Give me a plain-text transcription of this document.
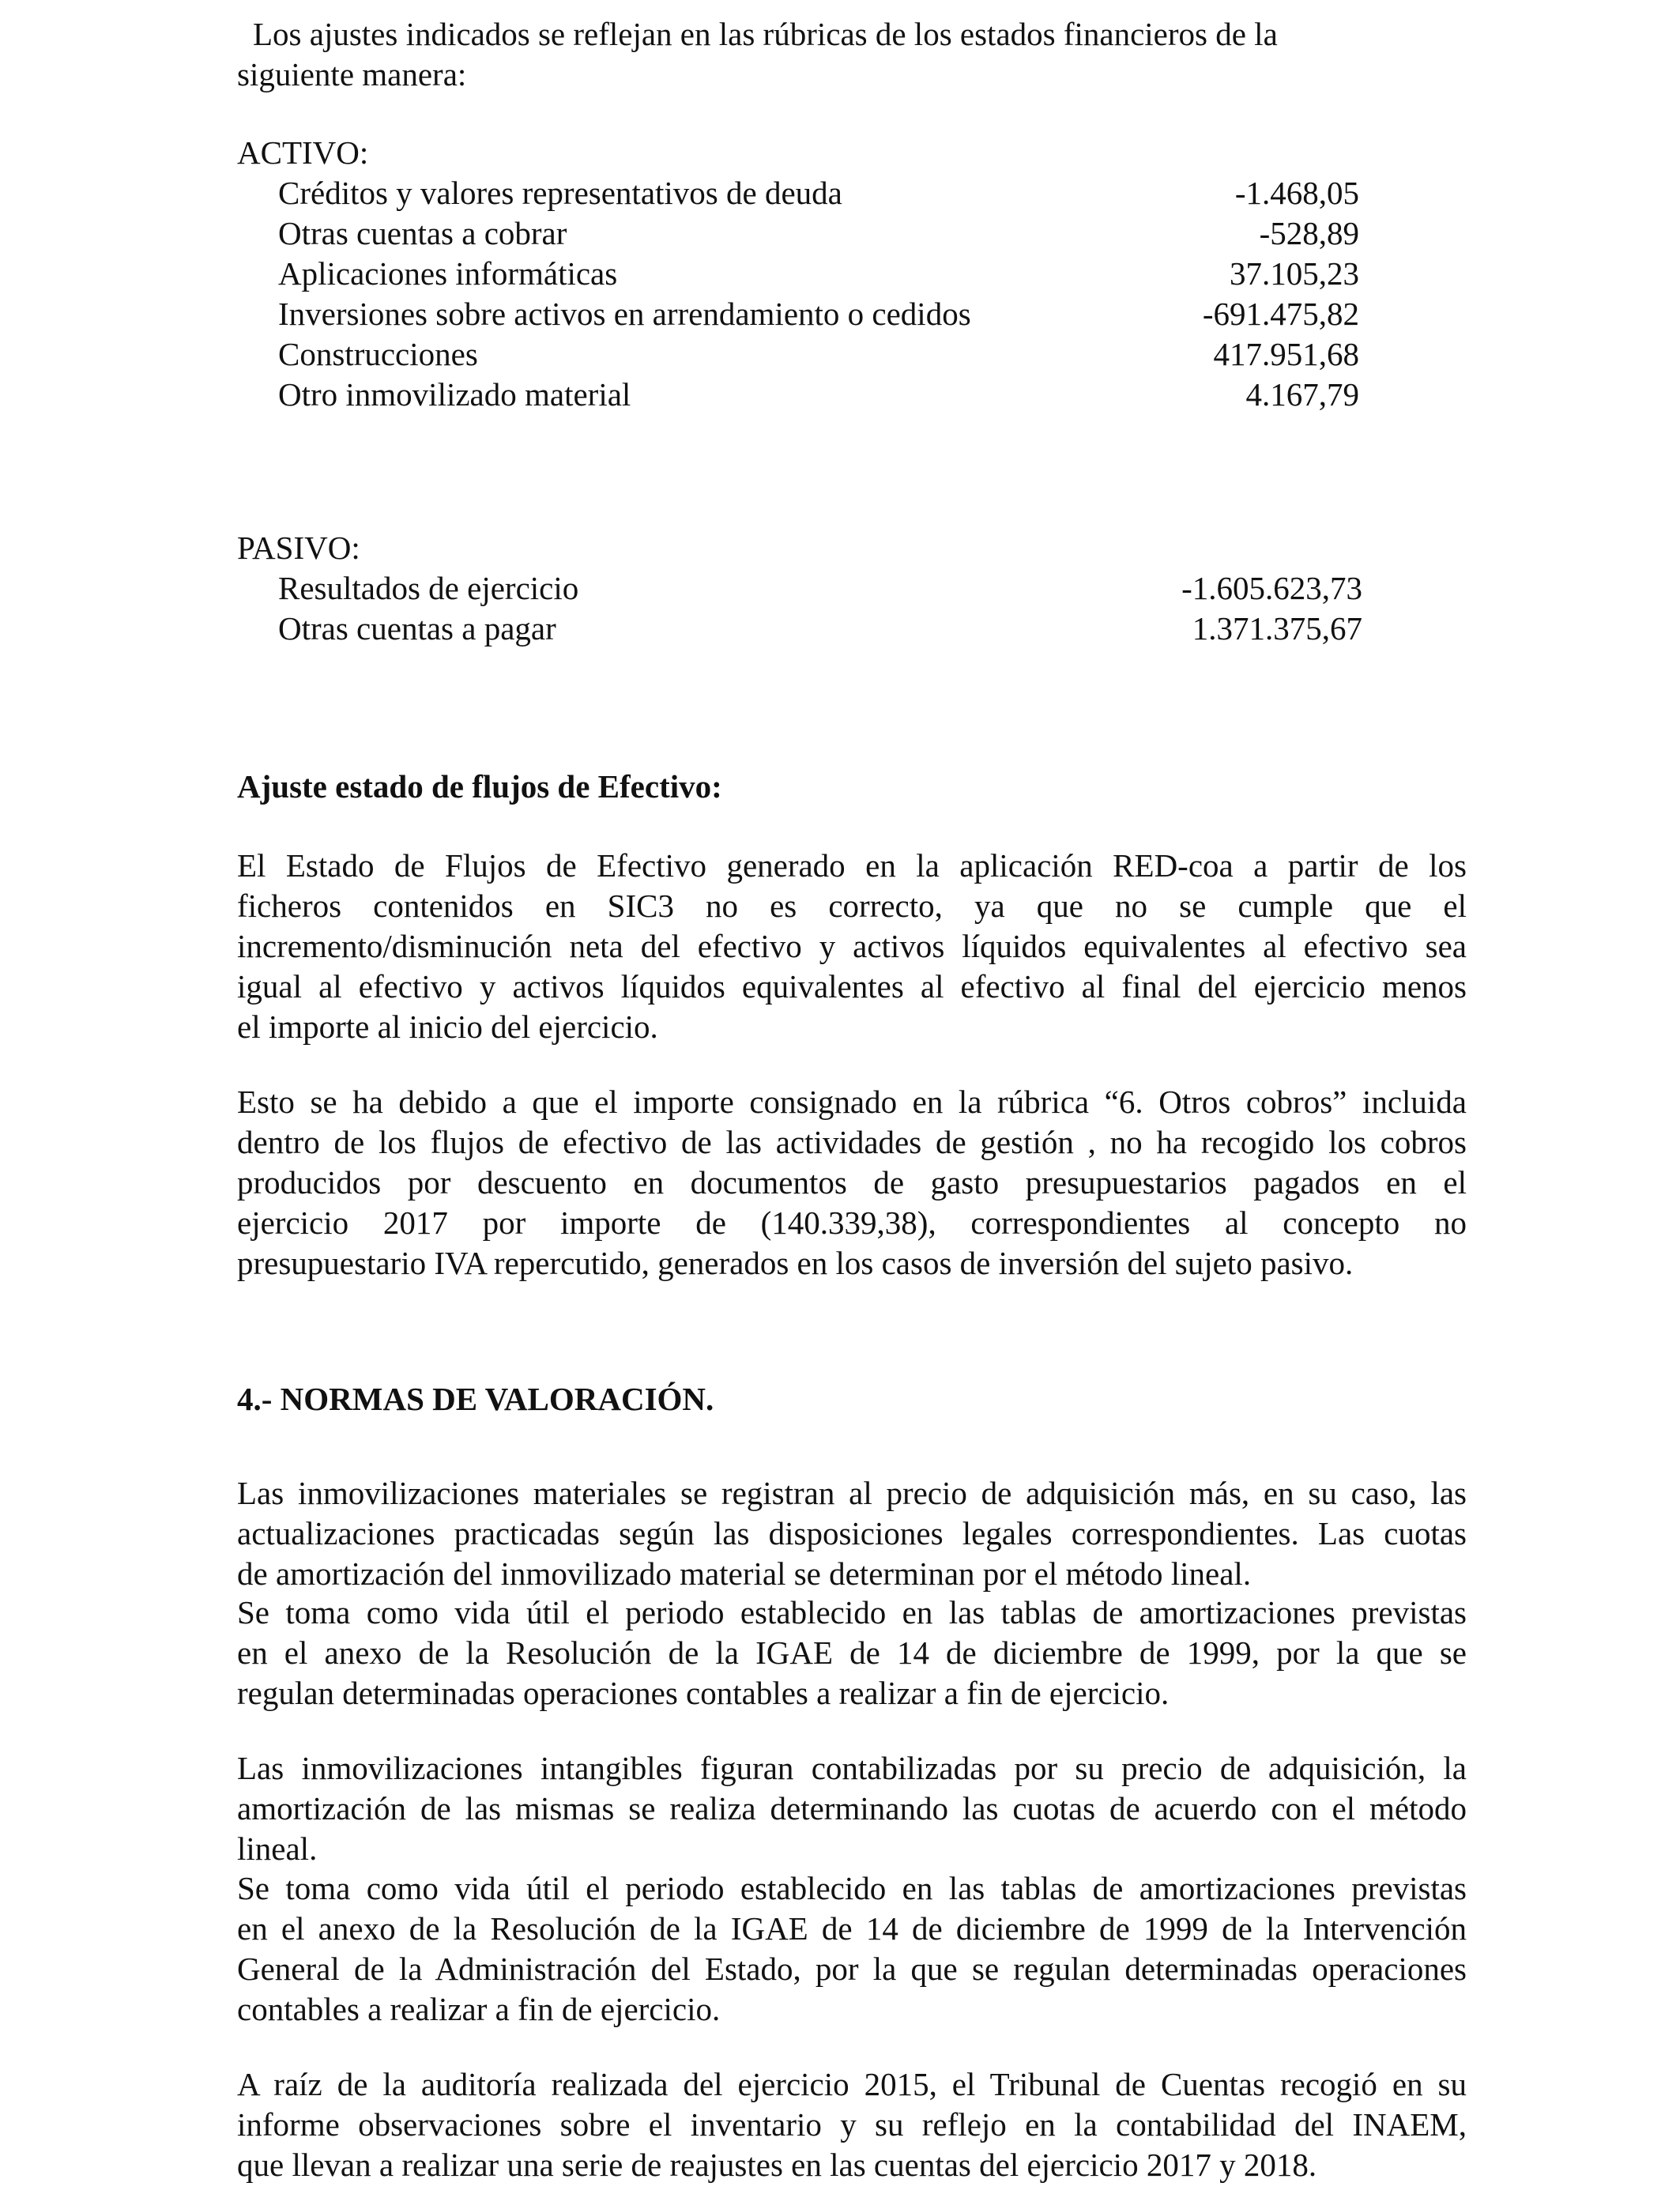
Los ajustes indicados se reflejan en las rúbricas de los estados financieros de la
siguiente manera:
ACTIVO:
Créditos y valores representativos de deuda	-1.468,05
Otras cuentas a cobrar	-528,89
Aplicaciones informáticas	37.105,23
Inversiones sobre activos en arrendamiento o cedidos	-691.475,82
Construcciones	417.951,68
Otro inmovilizado material	4.167,79
PASIVO:
Resultados de ejercicio	-1.605.623,73
Otras cuentas a pagar	1.371.375,67
Ajuste estado de flujos de Efectivo:
El Estado de Flujos de Efectivo generado en la aplicación RED-coa a partir de los
ficheros contenidos en SIC3 no es correcto, ya que no se cumple que el
incremento/disminución neta del efectivo y activos líquidos equivalentes al efectivo sea
igual al efectivo y activos líquidos equivalentes al efectivo al final del ejercicio menos
el importe al inicio del ejercicio.
Esto se ha debido a que el importe consignado en la rúbrica “6. Otros cobros” incluida
dentro de los flujos de efectivo de las actividades de gestión , no ha recogido los cobros
producidos por descuento en documentos de gasto presupuestarios pagados en el
ejercicio 2017 por importe de (140.339,38), correspondientes al concepto no
presupuestario IVA repercutido, generados en los casos de inversión del sujeto pasivo.
4.- NORMAS DE VALORACIÓN.
Las inmovilizaciones materiales se registran al precio de adquisición más, en su caso, las
actualizaciones practicadas según las disposiciones legales correspondientes. Las cuotas
de amortización del inmovilizado material se determinan por el método lineal.
Se toma como vida útil el periodo establecido en las tablas de amortizaciones previstas
en el anexo de la Resolución de la IGAE de 14 de diciembre de 1999, por la que se
regulan determinadas operaciones contables a realizar a fin de ejercicio.
Las inmovilizaciones intangibles figuran contabilizadas por su precio de adquisición, la
amortización de las mismas se realiza determinando las cuotas de acuerdo con el método
lineal.
Se toma como vida útil el periodo establecido en las tablas de amortizaciones previstas
en el anexo de la Resolución de la IGAE de 14 de diciembre de 1999 de la Intervención
General de la Administración del Estado, por la que se regulan determinadas operaciones
contables a realizar a fin de ejercicio.
A raíz de la auditoría realizada del ejercicio 2015, el Tribunal de Cuentas recogió en su
informe observaciones sobre el inventario y su reflejo en la contabilidad del INAEM,
que llevan a realizar una serie de reajustes en las cuentas del ejercicio 2017 y 2018.
